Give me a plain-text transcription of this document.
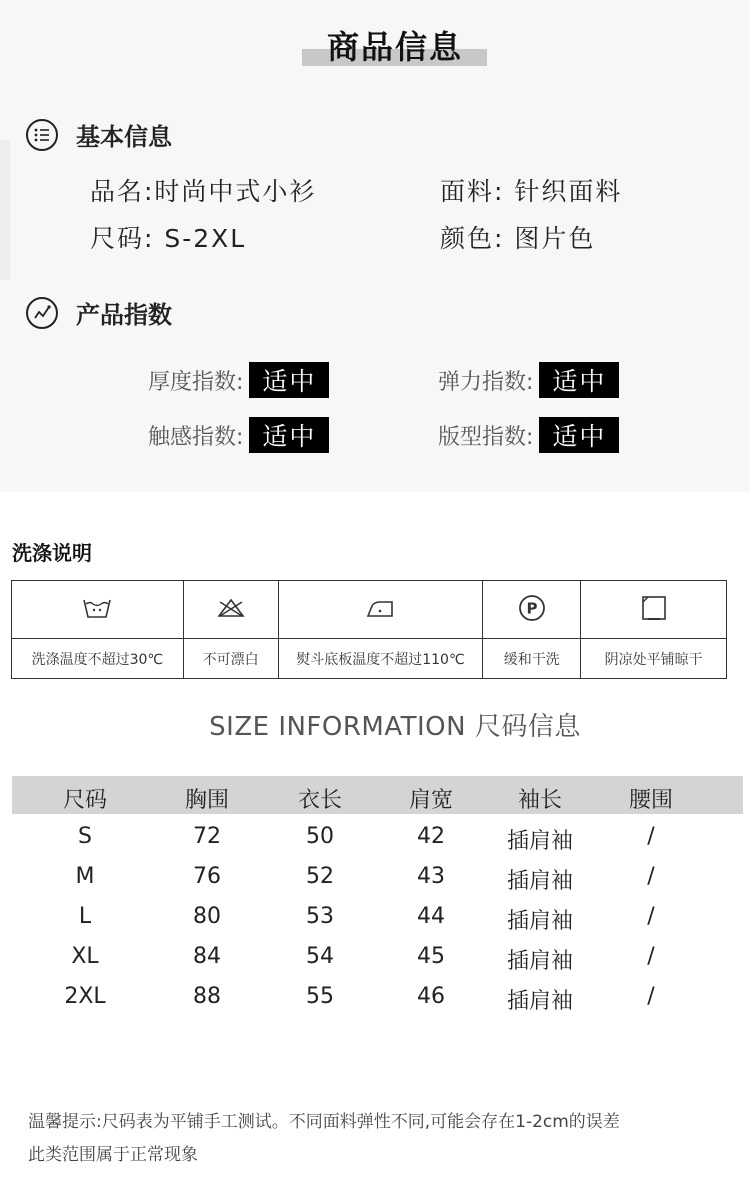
商品信息
基本信息
品名:时尚中式小衫	面料: 针织面料
尺码: S-2XL	颜色: 图片色
产品指数
厚度指数: 适中	弹力指数: 适中
触感指数: 适中	版型指数: 适中
洗涤说明

P

洗涤温度不超过30℃	不可漂白	熨斗底板温度不超过110℃	缓和干洗	阴凉处平铺晾干
SIZE INFORMATION 尺码信息
尺码	胸围	衣长	肩宽	袖长	腰围
S	72	50	42	插肩袖	/
M	76	52	43	插肩袖	/
L	80	53	44	插肩袖	/
XL	84	54	45	插肩袖	/
2XL	88	55	46	插肩袖	/
温馨提示:尺码表为平铺手工测试。不同面料弹性不同,可能会存在1-2cm的误差
此类范围属于正常现象
